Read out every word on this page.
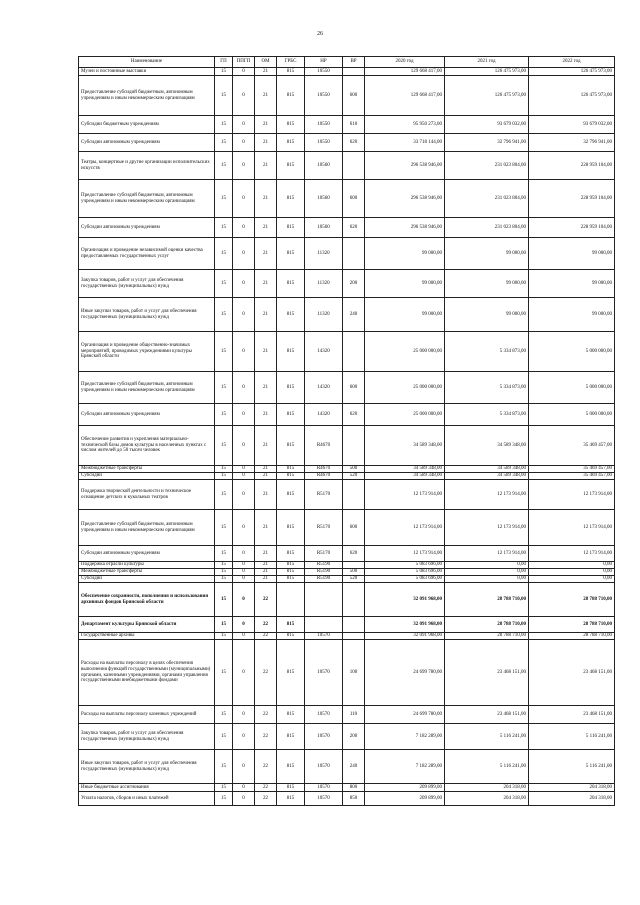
26
Наименование	ГП	ППГП	ОМ	ГРБС	НР	ВР	2020 год	2021 год	2022 год
Музеи и постоянные выставки	15	0	21	815	10550		129 668 417,00	126 475 973,00	126 475 973,00
Предоставление субсидий бюджетным, автономным учреждениям и иным некоммерческим организациям	15	0	21	815	10550	600	129 668 417,00	126 475 973,00	126 475 973,00
Субсидии бюджетным учреждениям	15	0	21	815	10550	610	95 950 273,00	93 679 032,00	93 679 032,00
Субсидии автономным учреждениям	15	0	21	815	10550	620	33 718 144,00	32 796 941,00	32 796 941,00
Театры, концертные и другие организации исполнительских искусств	15	0	21	815	10560		296 538 946,00	231 023 804,00	228 959 104,00
Предоставление субсидий бюджетным, автономным учреждениям и иным некоммерческим организациям	15	0	21	815	10560	600	296 538 946,00	231 023 804,00	228 959 104,00
Субсидии автономным учреждениям	15	0	21	815	10560	620	296 538 946,00	231 023 804,00	228 959 104,00
Организация и проведение независимой оценки качества предоставляемых государственных услуг	15	0	21	815	11320		99 000,00	99 000,00	99 000,00
Закупка товаров, работ и услуг для обеспечения государственных (муниципальных) нужд	15	0	21	815	11320	200	99 000,00	99 000,00	99 000,00
Иные закупки товаров, работ и услуг для обеспечения государственных (муниципальных) нужд	15	0	21	815	11320	240	99 000,00	99 000,00	99 000,00
Организация и проведение общественно-значимых мероприятий, проводимых учреждениями культуры Брянской области	15	0	21	815	14320		25 000 000,00	5 334 873,00	5 000 000,00
Предоставление субсидий бюджетным, автономным учреждениям и иным некоммерческим организациям	15	0	21	815	14320	600	25 000 000,00	5 334 873,00	5 000 000,00
Субсидии автономным учреждениям	15	0	21	815	14320	620	25 000 000,00	5 334 873,00	5 000 000,00
Обеспечение развития и укрепления материально-технической базы домов культуры в населенных пунктах с числом жителей до 50 тысяч человек	15	0	21	815	R4670		34 589 348,00	34 589 348,00	35 469 457,00
Межбюджетные трансферты	15	0	21	815	R4670	500	34 589 348,00	34 589 348,00	35 469 457,00
Субсидии	15	0	21	815	R4670	520	34 589 348,00	34 589 348,00	35 469 457,00
Поддержка творческой деятельности и техническое оснащение детских и кукольных театров	15	0	21	815	R5170		12 173 914,00	12 173 914,00	12 173 914,00
Предоставление субсидий бюджетным, автономным учреждениям и иным некоммерческим организациям	15	0	21	815	R5170	600	12 173 914,00	12 173 914,00	12 173 914,00
Субсидии автономным учреждениям	15	0	21	815	R5170	620	12 173 914,00	12 173 914,00	12 173 914,00
Поддержка отрасли культуры	15	0	21	815	R5190		5 083 696,00	0,00	0,00
Межбюджетные трансферты	15	0	21	815	R5190	500	5 083 696,00	0,00	0,00
Субсидии	15	0	21	815	R5190	520	5 083 696,00	0,00	0,00
Обеспечение сохранности, пополнения и использования архивных фондов Брянской области	15	0	22				32 091 968,00	28 788 710,00	28 788 710,00
Департамент культуры Брянской области	15	0	22	815			32 091 968,00	28 788 710,00	28 788 710,00
Государственные архивы	15	0	22	815	10570		32 091 968,00	28 788 710,00	28 788 710,00
Расходы на выплаты персоналу в целях обеспечения выполнения функций государственными (муниципальными) органами, казенными учреждениями, органами управления государственными внебюджетными фондами	15	0	22	815	10570	100	24 699 780,00	23 468 151,00	23 468 151,00
Расходы на выплаты персоналу казенных учреждений	15	0	22	815	10570	110	24 699 780,00	23 468 151,00	23 468 151,00
Закупка товаров, работ и услуг для обеспечения государственных (муниципальных) нужд	15	0	22	815	10570	200	7 182 289,00	5 116 241,00	5 116 241,00
Иные закупки товаров, работ и услуг для обеспечения государственных (муниципальных) нужд	15	0	22	815	10570	240	7 182 289,00	5 116 241,00	5 116 241,00
Иные бюджетные ассигнования	15	0	22	815	10570	800	209 899,00	204 318,00	204 318,00
Уплата налогов, сборов и иных платежей	15	0	22	815	10570	850	209 899,00	204 318,00	204 318,00
